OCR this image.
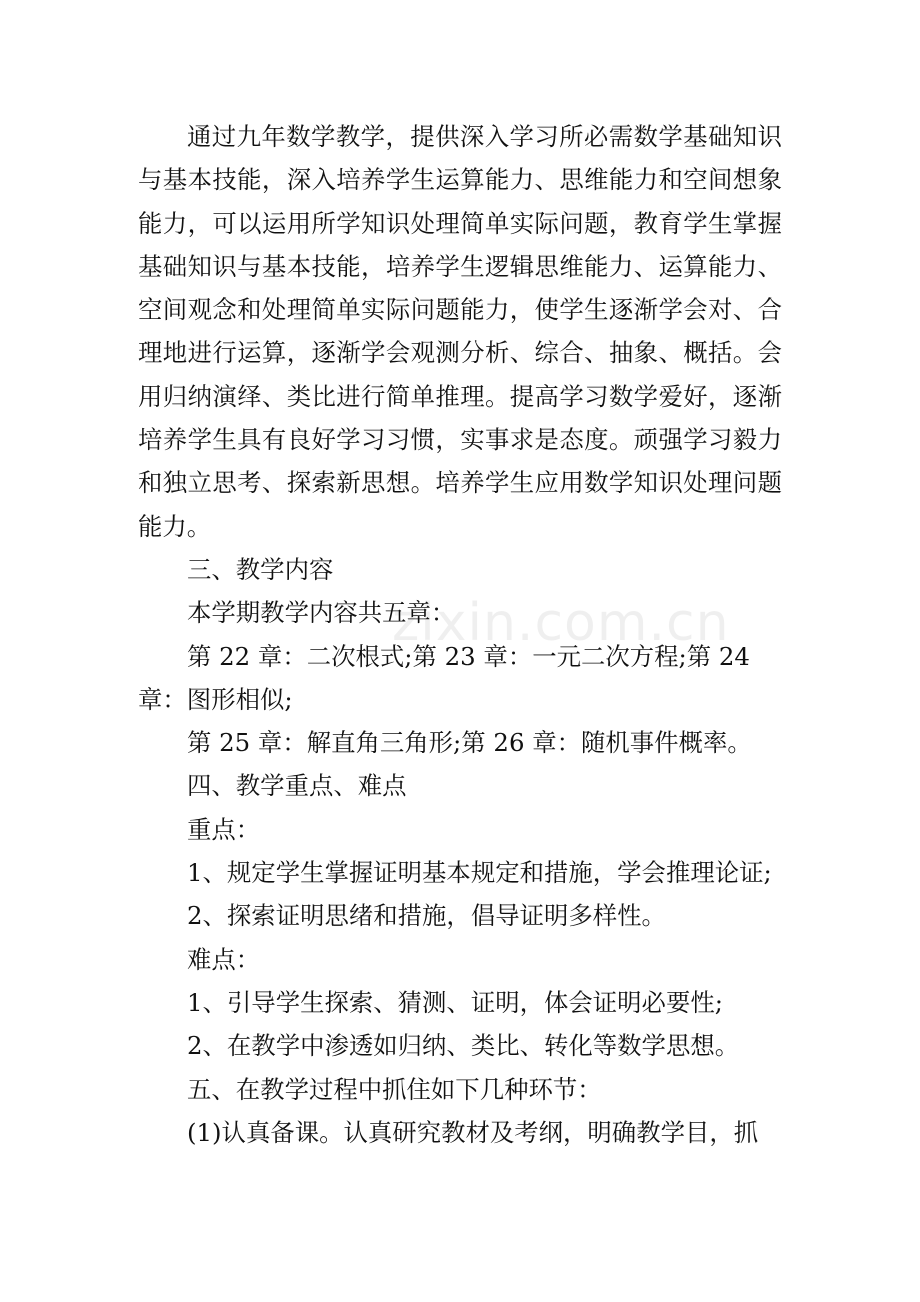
通过九年数学教学，提供深入学习所必需数学基础知识与基本技能，深入培养学生运算能力、思维能力和空间想象能力，可以运用所学知识处理简单实际问题，教育学生掌握基础知识与基本技能，培养学生逻辑思维能力、运算能力、空间观念和处理简单实际问题能力，使学生逐渐学会对、合理地进行运算，逐渐学会观测分析、综合、抽象、概括。会用归纳演绎、类比进行简单推理。提高学习数学爱好，逐渐培养学生具有良好学习习惯，实事求是态度。顽强学习毅力和独立思考、探索新思想。培养学生应用数学知识处理问题能力。

三、教学内容

本学期教学内容共五章：

第 22 章：二次根式;第 23 章：一元二次方程;第 24 章：图形相似;

第 25 章：解直角三角形;第 26 章：随机事件概率。

四、教学重点、难点

重点：

1、规定学生掌握证明基本规定和措施，学会推理论证;

2、探索证明思绪和措施，倡导证明多样性。

难点：

1、引导学生探索、猜测、证明，体会证明必要性;

2、在教学中渗透如归纳、类比、转化等数学思想。

五、在教学过程中抓住如下几种环节：

(1)认真备课。认真研究教材及考纲，明确教学目，抓

zixin.com.cn
